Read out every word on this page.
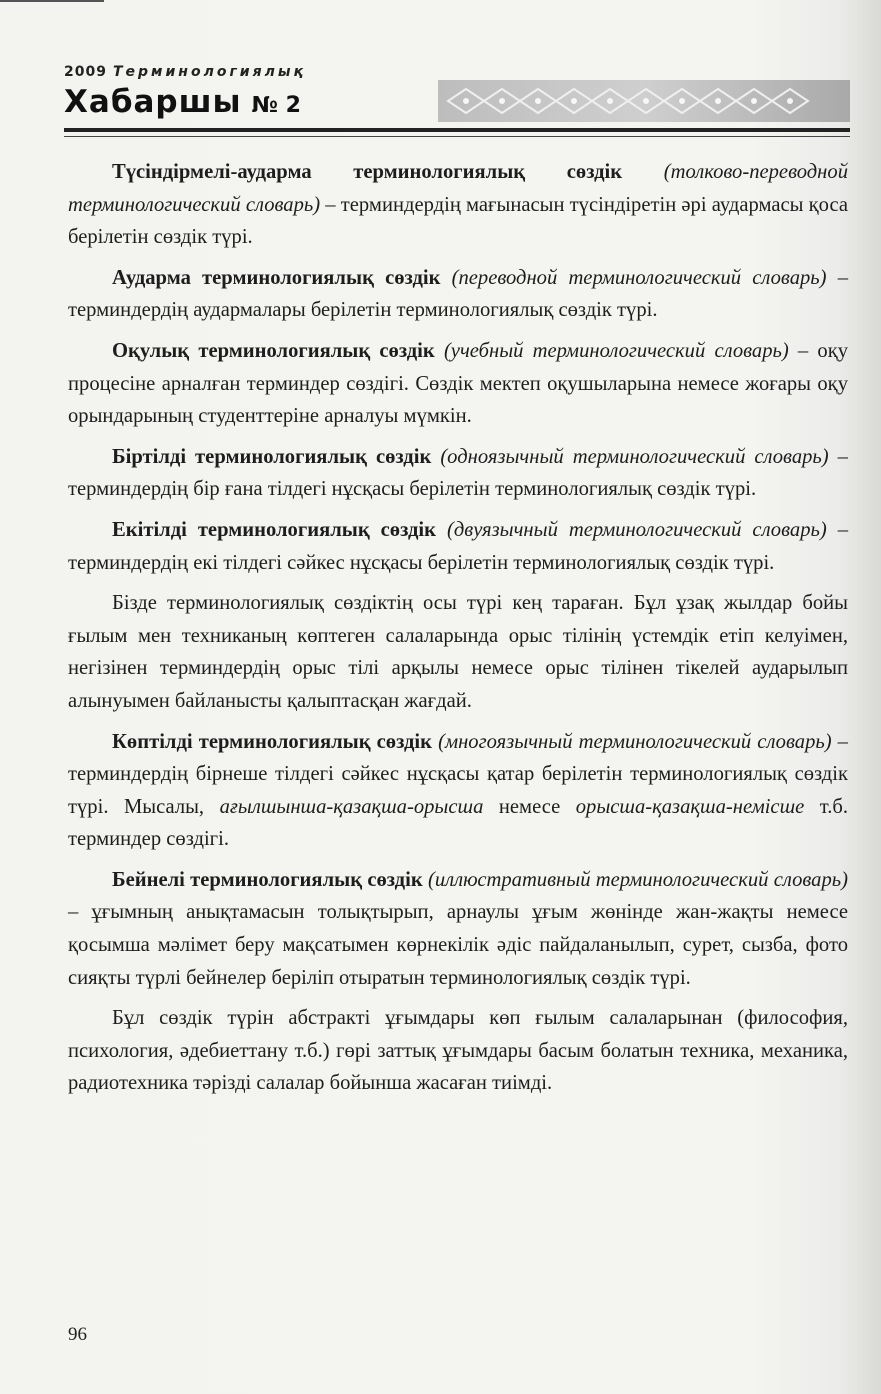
2009 Терминологиялық
Хабаршы № 2

Түсіндірмелі-аударма терминологиялық сөздік (толково-переводной терминологический словарь) – терминдердің мағынасын түсіндіретін әрі аудармасы қоса берілетін сөздік түрі.

Аударма терминологиялық сөздік (переводной терминологический словарь) – терминдердің аудармалары берілетін терминологиялық сөздік түрі.

Оқулық терминологиялық сөздік (учебный терминологический словарь) – оқу процесіне арналған терминдер сөздігі. Сөздік мектеп оқушыларына немесе жоғары оқу орындарының студенттеріне арналуы мүмкін.

Біртілді терминологиялық сөздік (одноязычный терминологический словарь) – терминдердің бір ғана тілдегі нұсқасы берілетін терминологиялық сөздік түрі.

Екітілді терминологиялық сөздік (двуязычный терминологический словарь) – терминдердің екі тілдегі сәйкес нұсқасы берілетін терминологиялық сөздік түрі.

Бізде терминологиялық сөздіктің осы түрі кең тараған. Бұл ұзақ жылдар бойы ғылым мен техниканың көптеген салаларында орыс тілінің үстемдік етіп келуімен, негізінен терминдердің орыс тілі арқылы немесе орыс тілінен тікелей аударылып алынуымен байланысты қалыптасқан жағдай.

Көптілді терминологиялық сөздік (многоязычный терминологический словарь) – терминдердің бірнеше тілдегі сәйкес нұсқасы қатар берілетін терминологиялық сөздік түрі. Мысалы, ағылшынша-қазақша-орысша немесе орысша-қазақша-немісше т.б. терминдер сөздігі.

Бейнелі терминологиялық сөздік (иллюстративный терминологический словарь) – ұғымның анықтамасын толықтырып, арнаулы ұғым жөнінде жан-жақты немесе қосымша мәлімет беру мақсатымен көрнекілік әдіс пайдаланылып, сурет, сызба, фото сияқты түрлі бейнелер беріліп отыратын терминологиялық сөздік түрі.

Бұл сөздік түрін абстракті ұғымдары көп ғылым салаларынан (философия, психология, әдебиеттану т.б.) гөрі заттық ұғымдары басым болатын техника, механика, радиотехника тәрізді салалар бойынша жасаған тиімді.

96
